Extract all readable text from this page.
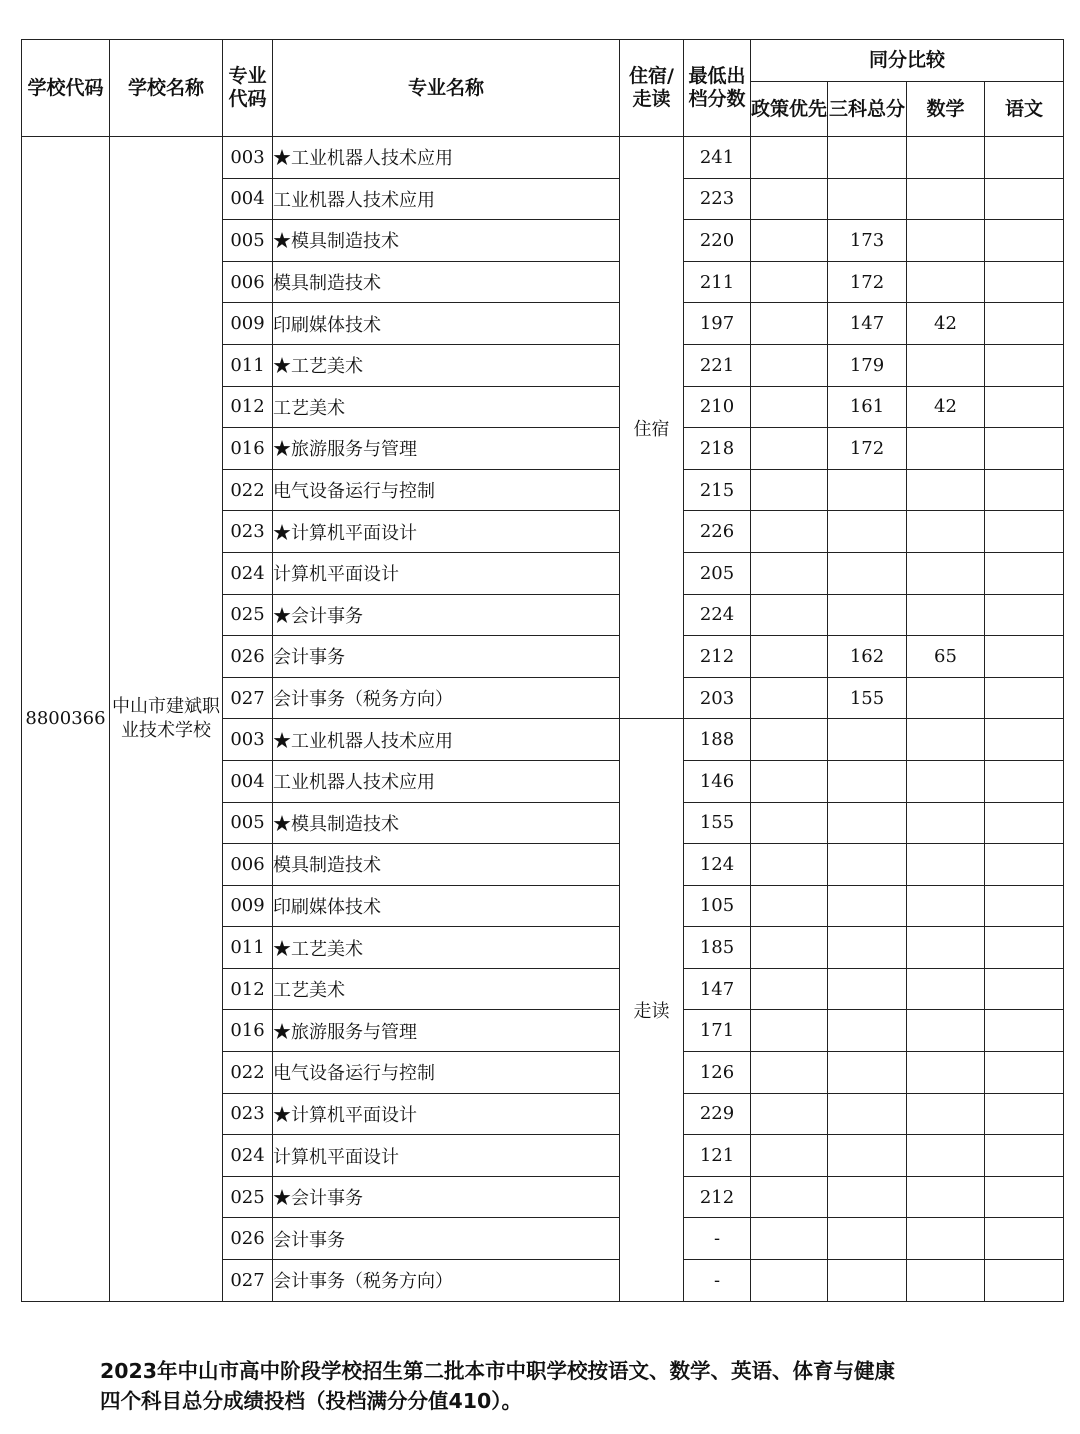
学校代码	学校名称	专业代码	专业名称	住宿/走读	最低出档分数	同分比较			
						政策优先	三科总分	数学	语文
8800366	中山市建斌职业技术学校	003	★工业机器人技术应用	住宿	241				
		004	工业机器人技术应用		223				
		005	★模具制造技术		220		173		
		006	模具制造技术		211		172		
		009	印刷媒体技术		197		147	42	
		011	★工艺美术		221		179		
		012	工艺美术		210		161	42	
		016	★旅游服务与管理		218		172		
		022	电气设备运行与控制		215				
		023	★计算机平面设计		226				
		024	计算机平面设计		205				
		025	★会计事务		224				
		026	会计事务		212		162	65	
		027	会计事务（税务方向）		203		155		
		003	★工业机器人技术应用	走读	188				
		004	工业机器人技术应用		146				
		005	★模具制造技术		155				
		006	模具制造技术		124				
		009	印刷媒体技术		105				
		011	★工艺美术		185				
		012	工艺美术		147				
		016	★旅游服务与管理		171				
		022	电气设备运行与控制		126				
		023	★计算机平面设计		229				
		024	计算机平面设计		121				
		025	★会计事务		212				
		026	会计事务		-				
		027	会计事务（税务方向）		-				
2023年中山市高中阶段学校招生第二批本市中职学校按语文、数学、英语、体育与健康
四个科目总分成绩投档（投档满分分值410）。
